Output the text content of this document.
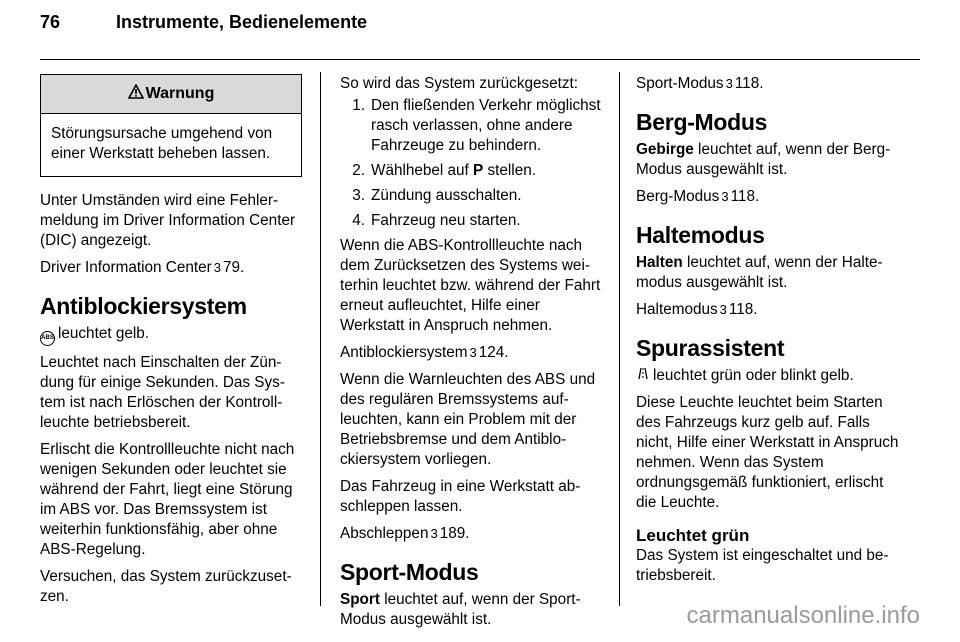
76	Instrumente, Bedienelemente
Warnung
Störungsursache umgehend von einer Werkstatt beheben lassen.

Unter Umständen wird eine Fehlermeldung im Driver Information Center (DIC) angezeigt.

Driver Information Center 3 79.

Antiblockiersystem

ABS leuchtet gelb.

Leuchtet nach Einschalten der Zündung für einige Sekunden. Das System ist nach Erlöschen der Kontrollleuchte betriebsbereit.

Erlischt die Kontrollleuchte nicht nach wenigen Sekunden oder leuchtet sie während der Fahrt, liegt eine Störung im ABS vor. Das Bremssystem ist weiterhin funktionsfähig, aber ohne ABS-Regelung.

Versuchen, das System zurückzusetzen.

So wird das System zurückgesetzt:

1. Den fließenden Verkehr möglichst rasch verlassen, ohne andere Fahrzeuge zu behindern.
2. Wählhebel auf P stellen.
3. Zündung ausschalten.
4. Fahrzeug neu starten.

Wenn die ABS-Kontrollleuchte nach dem Zurücksetzen des Systems weiterhin leuchtet bzw. während der Fahrt erneut aufleuchtet, Hilfe einer Werkstatt in Anspruch nehmen.

Antiblockiersystem 3 124.

Wenn die Warnleuchten des ABS und des regulären Bremssystems aufleuchten, kann ein Problem mit der Betriebsbremse und dem Antiblockiersystem vorliegen.

Das Fahrzeug in eine Werkstatt abschleppen lassen.

Abschleppen 3 189.

Sport-Modus

Sport leuchtet auf, wenn der Sport-Modus ausgewählt ist.

Sport-Modus 3 118.

Berg-Modus

Gebirge leuchtet auf, wenn der Berg-Modus ausgewählt ist.

Berg-Modus 3 118.

Haltemodus

Halten leuchtet auf, wenn der Haltemodus ausgewählt ist.

Haltemodus 3 118.

Spurassistent

leuchtet grün oder blinkt gelb.

Diese Leuchte leuchtet beim Starten des Fahrzeugs kurz gelb auf. Falls nicht, Hilfe einer Werkstatt in Anspruch nehmen. Wenn das System ordnungsgemäß funktioniert, erlischt die Leuchte.

Leuchtet grün

Das System ist eingeschaltet und betriebsbereit.

carmanualsonline.info
